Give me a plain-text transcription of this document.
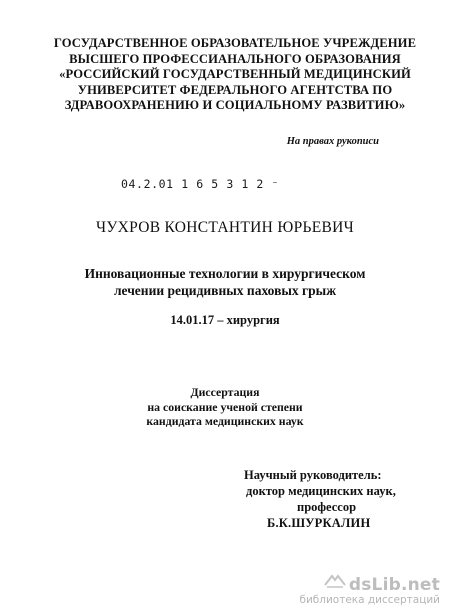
ГОСУДАРСТВЕННОЕ ОБРАЗОВАТЕЛЬНОЕ УЧРЕЖДЕНИЕ
ВЫСШЕГО ПРОФЕССИАНАЛЬНОГО ОБРАЗОВАНИЯ
«РОССИЙСКИЙ ГОСУДАРСТВЕННЫЙ МЕДИЦИНСКИЙ
УНИВЕРСИТЕТ ФЕДЕРАЛЬНОГО АГЕНТСТВА ПО
ЗДРАВООХРАНЕНИЮ И СОЦИАЛЬНОМУ РАЗВИТИЮ»
На правах рукописи
04.2.01 1 6 5 3 1 2 ⁻
ЧУХРОВ КОНСТАНТИН ЮРЬЕВИЧ
Инновационные технологии в хирургическом
лечении рецидивных паховых грыж
14.01.17 – хирургия
Диссертация
на соискание ученой степени
кандидата медицинских наук
Научный руководитель:
доктор медицинских наук,
профессор
Б.К.ШУРКАЛИН
dsLib.net
библиотека диссертаций
